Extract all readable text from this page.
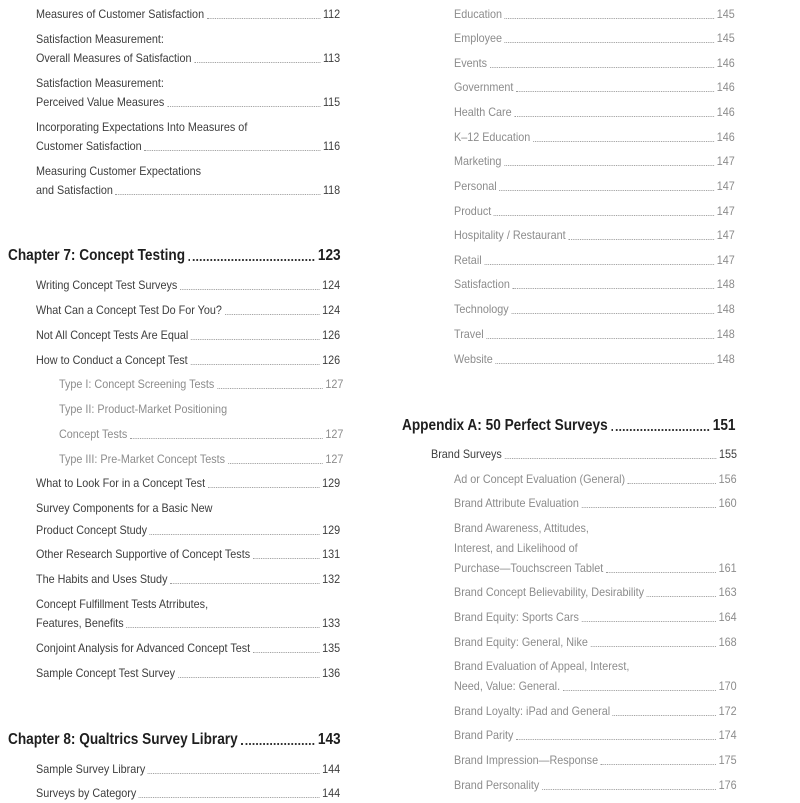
Measures of Customer Satisfaction	112
Satisfaction Measurement:
Overall Measures of Satisfaction	113
Satisfaction Measurement:
Perceived Value Measures	115
Incorporating Expectations Into Measures of
Customer Satisfaction	116
Measuring Customer Expectations
and Satisfaction	118
Chapter 7: Concept Testing	123
Writing Concept Test Surveys	124
What Can a Concept Test Do For You?	124
Not All Concept Tests Are Equal	126
How to Conduct a Concept Test	126
Type I: Concept Screening Tests	127
Type II: Product-Market Positioning
Concept Tests	127
Type III: Pre-Market Concept Tests	127
What to Look For in a Concept Test	129
Survey Components for a Basic New
Product Concept Study	129
Other Research Supportive of Concept Tests	131
The Habits and Uses Study	132
Concept Fulfillment Tests Atrributes,
Features, Benefits	133
Conjoint Analysis for Advanced Concept Test	135
Sample Concept Test Survey	136
Chapter 8: Qualtrics Survey Library	143
Sample Survey Library	144
Surveys by Category	144
Education	145
Employee	145
Events	146
Government	146
Health Care	146
K–12 Education	146
Marketing	147
Personal	147
Product	147
Hospitality / Restaurant	147
Retail	147
Satisfaction	148
Technology	148
Travel	148
Website	148
Appendix A: 50 Perfect Surveys	151
Brand Surveys	155
Ad or Concept Evaluation (General)	156
Brand Attribute Evaluation	160
Brand Awareness, Attitudes,
Interest, and Likelihood of
Purchase—Touchscreen Tablet	161
Brand Concept Believability, Desirability	163
Brand Equity: Sports Cars	164
Brand Equity: General, Nike	168
Brand Evaluation of Appeal, Interest,
Need, Value: General.	170
Brand Loyalty: iPad and General	172
Brand Parity	174
Brand Impression—Response	175
Brand Personality	176
